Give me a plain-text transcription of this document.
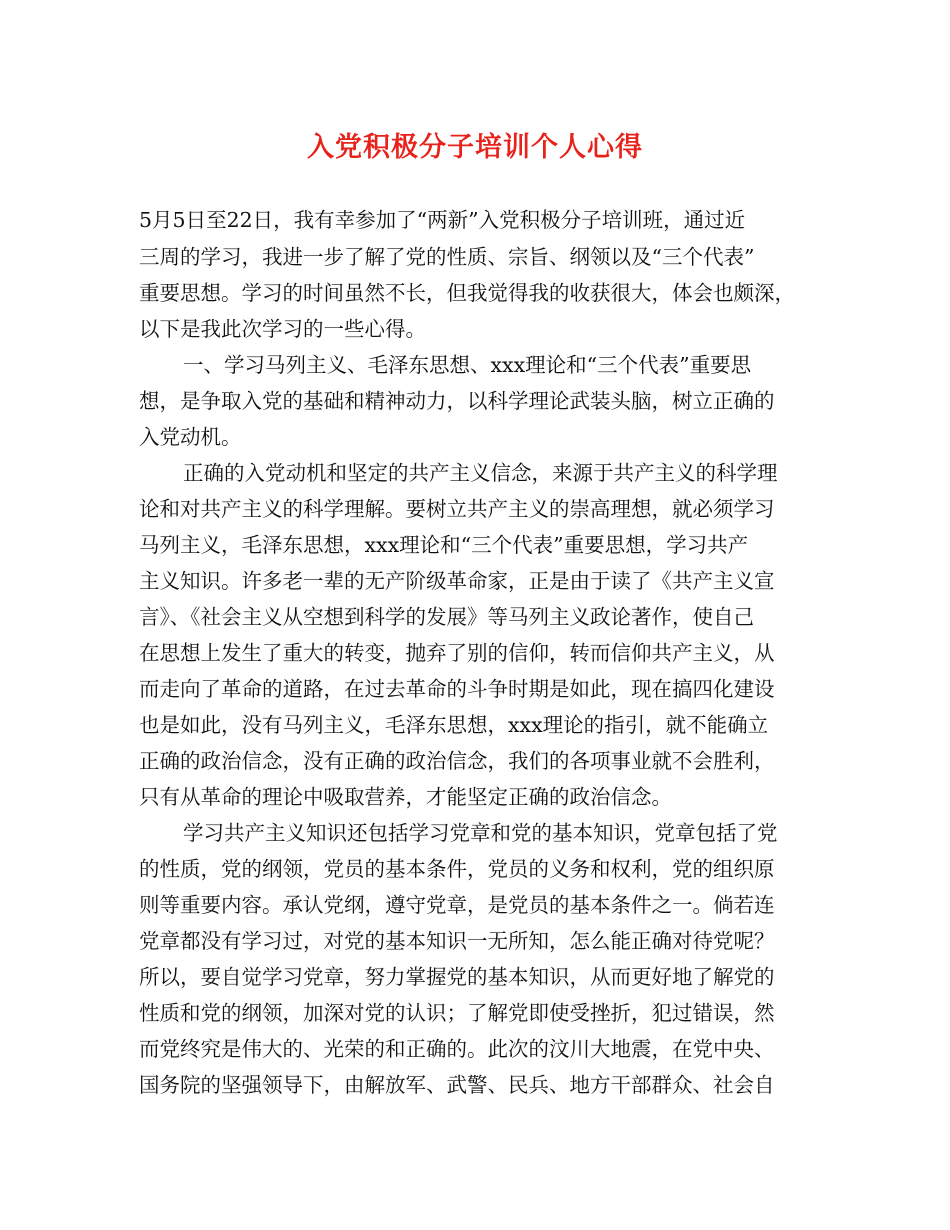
入党积极分子培训个人心得

5月5日至22日，我有幸参加了“两新”入党积极分子培训班，通过近

三周的学习，我进一步了解了党的性质、宗旨、纲领以及“三个代表”

重要思想。学习的时间虽然不长，但我觉得我的收获很大，体会也颇深，

以下是我此次学习的一些心得。

一、学习马列主义、毛泽东思想、xxx理论和“三个代表”重要思

想，是争取入党的基础和精神动力，以科学理论武装头脑，树立正确的

入党动机。

正确的入党动机和坚定的共产主义信念，来源于共产主义的科学理

论和对共产主义的科学理解。要树立共产主义的崇高理想，就必须学习

马列主义，毛泽东思想，xxx理论和“三个代表”重要思想，学习共产

主义知识。许多老一辈的无产阶级革命家，正是由于读了《共产主义宣

言》、《社会主义从空想到科学的发展》等马列主义政论著作，使自己

在思想上发生了重大的转变，抛弃了别的信仰，转而信仰共产主义，从

而走向了革命的道路，在过去革命的斗争时期是如此，现在搞四化建设

也是如此，没有马列主义，毛泽东思想，xxx理论的指引，就不能确立

正确的政治信念，没有正确的政治信念，我们的各项事业就不会胜利，

只有从革命的理论中吸取营养，才能坚定正确的政治信念。

学习共产主义知识还包括学习党章和党的基本知识，党章包括了党

的性质，党的纲领，党员的基本条件，党员的义务和权利，党的组织原

则等重要内容。承认党纲，遵守党章，是党员的基本条件之一。倘若连

党章都没有学习过，对党的基本知识一无所知，怎么能正确对待党呢？

所以，要自觉学习党章，努力掌握党的基本知识，从而更好地了解党的

性质和党的纲领，加深对党的认识；了解党即使受挫折，犯过错误，然

而党终究是伟大的、光荣的和正确的。此次的汶川大地震，在党中央、

国务院的坚强领导下，由解放军、武警、民兵、地方干部群众、社会自
